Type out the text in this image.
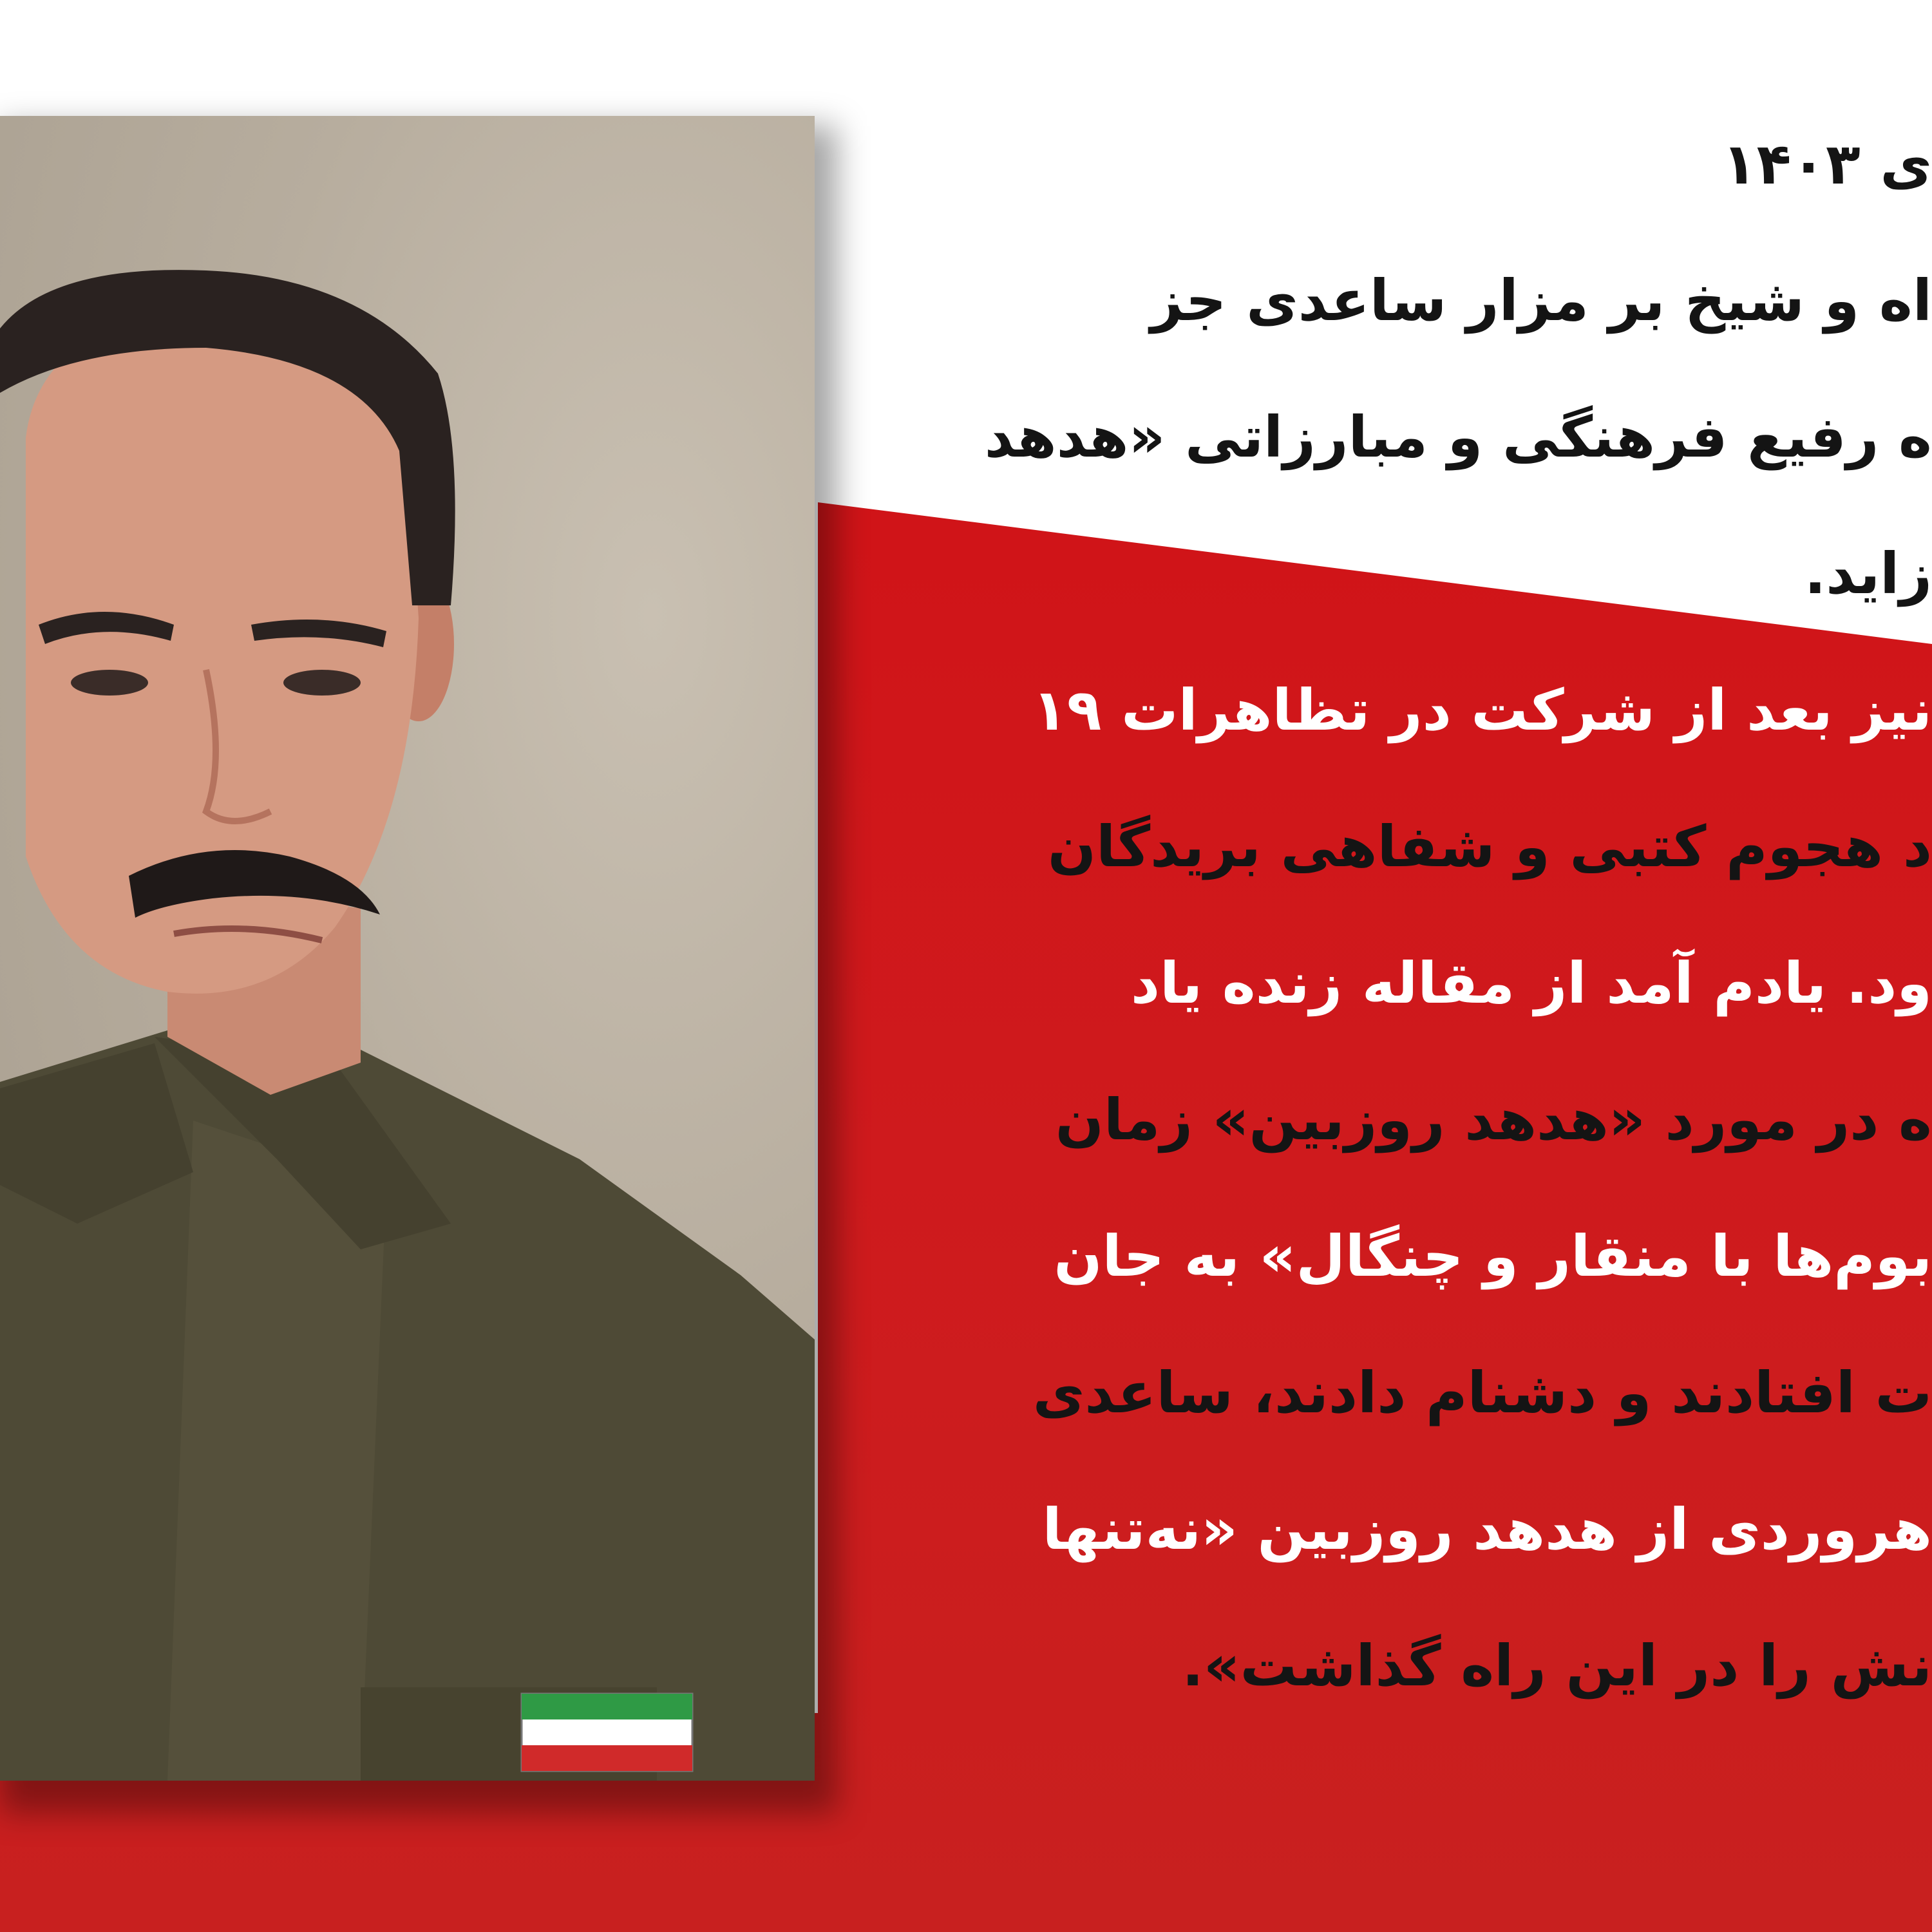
ی ۱۴۰۳
اه و شیخ بر مزار ساعدی جز
ه رفیع فرهنگی و مبارزاتی «هدهد
زاید.
نیز بعد از شرکت در تظاهرات ۱۹
د هجوم کتبی و شفاهی بریدگان
ود. یادم آمد از مقاله زنده یاد
ه در مورد «هدهد روزبین» زمان
بوم‌ها با منقار و چنگال» به جان
ت افتادند و دشنام دادند، ساعدی
هروردی از هدهد روزبین «نه‌تنها
نش را در این راه گذاشت».
